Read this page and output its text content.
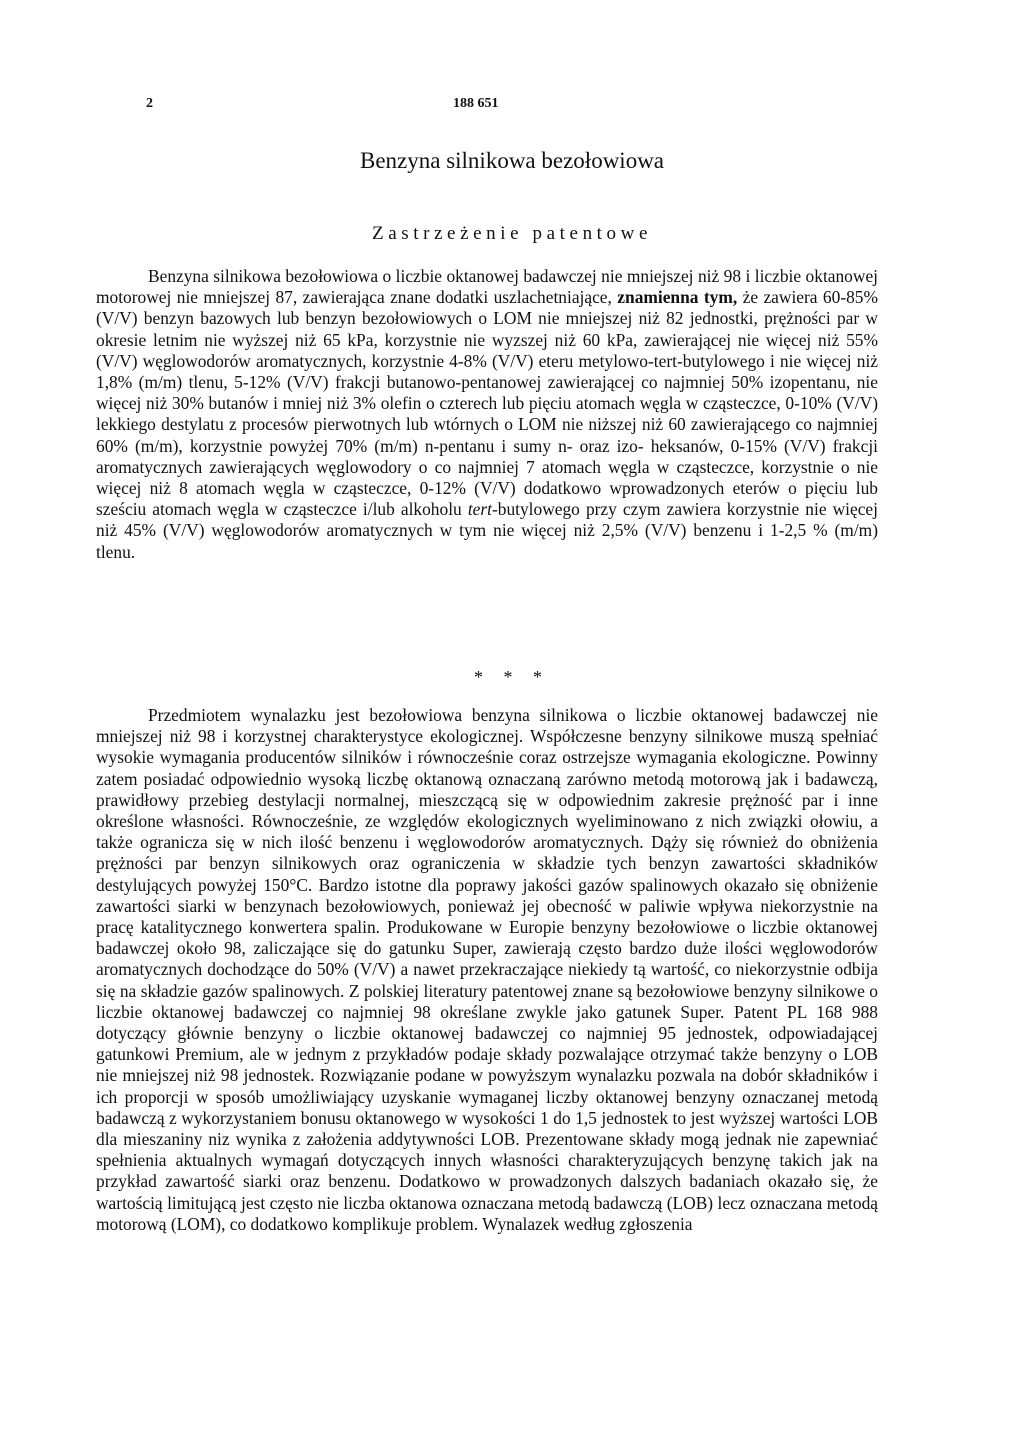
2	188 651
Benzyna silnikowa bezołowiowa
Zastrzeżenie patentowe

Benzyna silnikowa bezołowiowa o liczbie oktanowej badawczej nie mniejszej niż 98 i liczbie oktanowej motorowej nie mniejszej 87, zawierająca znane dodatki uszlachetniające, znamienna tym, że zawiera 60-85% (V/V) benzyn bazowych lub benzyn bezołowiowych o LOM nie mniejszej niż 82 jednostki, prężności par w okresie letnim nie wyższej niż 65 kPa, korzystnie nie wyzszej niż 60 kPa, zawierającej nie więcej niż 55% (V/V) węglowodorów aromatycznych, korzystnie 4-8% (V/V) eteru metylowo-tert-butylowego i nie więcej niż 1,8% (m/m) tlenu, 5-12% (V/V) frakcji butanowo-pentanowej zawierającej co najmniej 50% izopentanu, nie więcej niż 30% butanów i mniej niż 3% olefin o czterech lub pięciu atomach węgla w cząsteczce, 0-10% (V/V) lekkiego destylatu z procesów pierwotnych lub wtórnych o LOM nie niższej niż 60 zawierającego co najmniej 60% (m/m), korzystnie powyżej 70% (m/m) n-pentanu i sumy n- oraz izo- heksanów, 0-15% (V/V) frakcji aromatycznych zawierających węglowodory o co najmniej 7 atomach węgla w cząsteczce, korzystnie o nie więcej niż 8 atomach węgla w cząsteczce, 0-12% (V/V) dodatkowo wprowadzonych eterów o pięciu lub sześciu atomach węgla w cząsteczce i/lub alkoholu tert-butylowego przy czym zawiera korzystnie nie więcej niż 45% (V/V) węglowodorów aromatycznych w tym nie więcej niż 2,5% (V/V) benzenu i 1-2,5 % (m/m) tlenu.

* * *

Przedmiotem wynalazku jest bezołowiowa benzyna silnikowa o liczbie oktanowej badawczej nie mniejszej niż 98 i korzystnej charakterystyce ekologicznej. Współczesne benzyny silnikowe muszą spełniać wysokie wymagania producentów silników i równocześnie coraz ostrzejsze wymagania ekologiczne. Powinny zatem posiadać odpowiednio wysoką liczbę oktanową oznaczaną zarówno metodą motorową jak i badawczą, prawidłowy przebieg destylacji normalnej, mieszczącą się w odpowiednim zakresie prężność par i inne określone własności. Równocześnie, ze względów ekologicznych wyeliminowano z nich związki ołowiu, a także ogranicza się w nich ilość benzenu i węglowodorów aromatycznych. Dąży się również do obniżenia prężności par benzyn silnikowych oraz ograniczenia w składzie tych benzyn zawartości składników destylujących powyżej 150°C. Bardzo istotne dla poprawy jakości gazów spalinowych okazało się obniżenie zawartości siarki w benzynach bezołowiowych, ponieważ jej obecność w paliwie wpływa niekorzystnie na pracę katalitycznego konwertera spalin. Produkowane w Europie benzyny bezołowiowe o liczbie oktanowej badawczej około 98, zaliczające się do gatunku Super, zawierają często bardzo duże ilości węglowodorów aromatycznych dochodzące do 50% (V/V) a nawet przekraczające niekiedy tą wartość, co niekorzystnie odbija się na składzie gazów spalinowych. Z polskiej literatury patentowej znane są bezołowiowe benzyny silnikowe o liczbie oktanowej badawczej co najmniej 98 określane zwykle jako gatunek Super. Patent PL 168 988 dotyczący głównie benzyny o liczbie oktanowej badawczej co najmniej 95 jednostek, odpowiadającej gatunkowi Premium, ale w jednym z przykładów podaje składy pozwalające otrzymać także benzyny o LOB nie mniejszej niż 98 jednostek. Rozwiązanie podane w powyższym wynalazku pozwala na dobór składników i ich proporcji w sposób umożliwiający uzyskanie wymaganej liczby oktanowej benzyny oznaczanej metodą badawczą z wykorzystaniem bonusu oktanowego w wysokości 1 do 1,5 jednostek to jest wyższej wartości LOB dla mieszaniny niz wynika z założenia addytywności LOB. Prezentowane składy mogą jednak nie zapewniać spełnienia aktualnych wymagań dotyczących innych własności charakteryzujących benzynę takich jak na przykład zawartość siarki oraz benzenu. Dodatkowo w prowadzonych dalszych badaniach okazało się, że wartością limitującą jest często nie liczba oktanowa oznaczana metodą badawczą (LOB) lecz oznaczana metodą motorową (LOM), co dodatkowo komplikuje problem. Wynalazek według zgłoszenia
